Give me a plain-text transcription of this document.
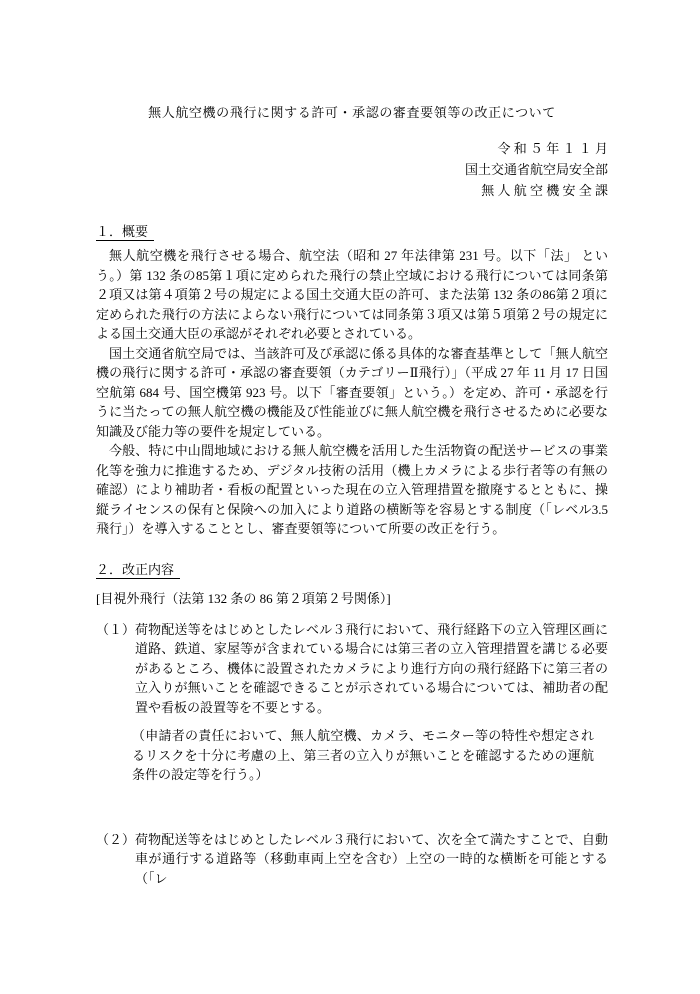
無人航空機の飛行に関する許可・承認の審査要領等の改正について
令 和 ５ 年 １ １ 月
国土交通省航空局安全部
無 人 航 空 機 安 全 課
１．概要

無人航空機を飛行させる場合、航空法（昭和 27 年法律第 231 号。以下「法」 という。）第 132 条の85第１項に定められた飛行の禁止空域における飛行については同条第２項又は第４項第２号の規定による国土交通大臣の許可、また法第 132 条の86第２項に定められた飛行の方法によらない飛行については同条第３項又は第５項第２号の規定による国土交通大臣の承認がそれぞれ必要とされている。

国土交通省航空局では、当該許可及び承認に係る具体的な審査基準として「無人航空機の飛行に関する許可・承認の審査要領（カテゴリーⅡ飛行）」（平成 27 年 11 月 17 日国空航第 684 号、国空機第 923 号。以下「審査要領」という。）を定め、許可・承認を行うに当たっての無人航空機の機能及び性能並びに無人航空機を飛行させるために必要な知識及び能力等の要件を規定している。

今般、特に中山間地域における無人航空機を活用した生活物資の配送サービスの事業化等を強力に推進するため、デジタル技術の活用（機上カメラによる歩行者等の有無の確認）により補助者・看板の配置といった現在の立入管理措置を撤廃するとともに、操縦ライセンスの保有と保険への加入により道路の横断等を容易とする制度（「レベル3.5飛行」）を導入することとし、審査要領等について所要の改正を行う。

２．改正内容
[目視外飛行（法第 132 条の 86 第２項第２号関係）]
（１） 荷物配送等をはじめとしたレベル３飛行において、飛行経路下の立入管理区画に道路、鉄道、家屋等が含まれている場合には第三者の立入管理措置を講じる必要があるところ、機体に設置されたカメラにより進行方向の飛行経路下に第三者の立入りが無いことを確認できることが示されている場合については、補助者の配置や看板の設置等を不要とする。
（申請者の責任において、無人航空機、カメラ、モニター等の特性や想定されるリスクを十分に考慮の上、第三者の立入りが無いことを確認するための運航条件の設定等を行う。）
（２） 荷物配送等をはじめとしたレベル３飛行において、次を全て満たすことで、自動車が通行する道路等（移動車両上空を含む）上空の一時的な横断を可能とする（「レ
